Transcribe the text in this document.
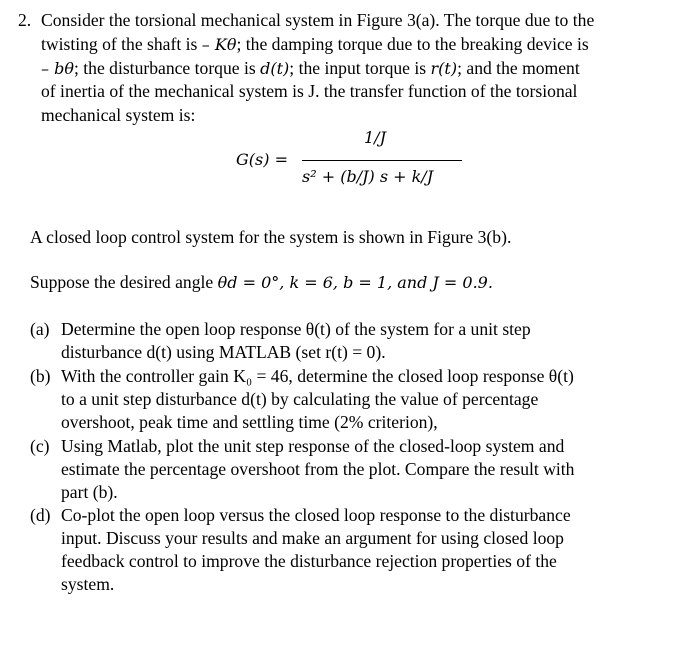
2. Consider the torsional mechanical system in Figure 3(a). The torque due to the
twisting of the shaft is – Kθ; the damping torque due to the breaking device is
– bθ; the disturbance torque is d(t); the input torque is r(t); and the moment
of inertia of the mechanical system is J. the transfer function of the torsional
mechanical system is:
G(s) =
1/J
s² + (b/J) s + k/J
A closed loop control system for the system is shown in Figure 3(b).
Suppose the desired angle θd = 0°, k = 6, b = 1, and J = 0.9.
(a) Determine the open loop response θ(t) of the system for a unit step
disturbance d(t) using MATLAB (set r(t) = 0).
(b) With the controller gain K₀ = 46, determine the closed loop response θ(t)
to a unit step disturbance d(t) by calculating the value of percentage
overshoot, peak time and settling time (2% criterion),
(c) Using Matlab, plot the unit step response of the closed-loop system and
estimate the percentage overshoot from the plot. Compare the result with
part (b).
(d) Co-plot the open loop versus the closed loop response to the disturbance
input. Discuss your results and make an argument for using closed loop
feedback control to improve the disturbance rejection properties of the
system.
